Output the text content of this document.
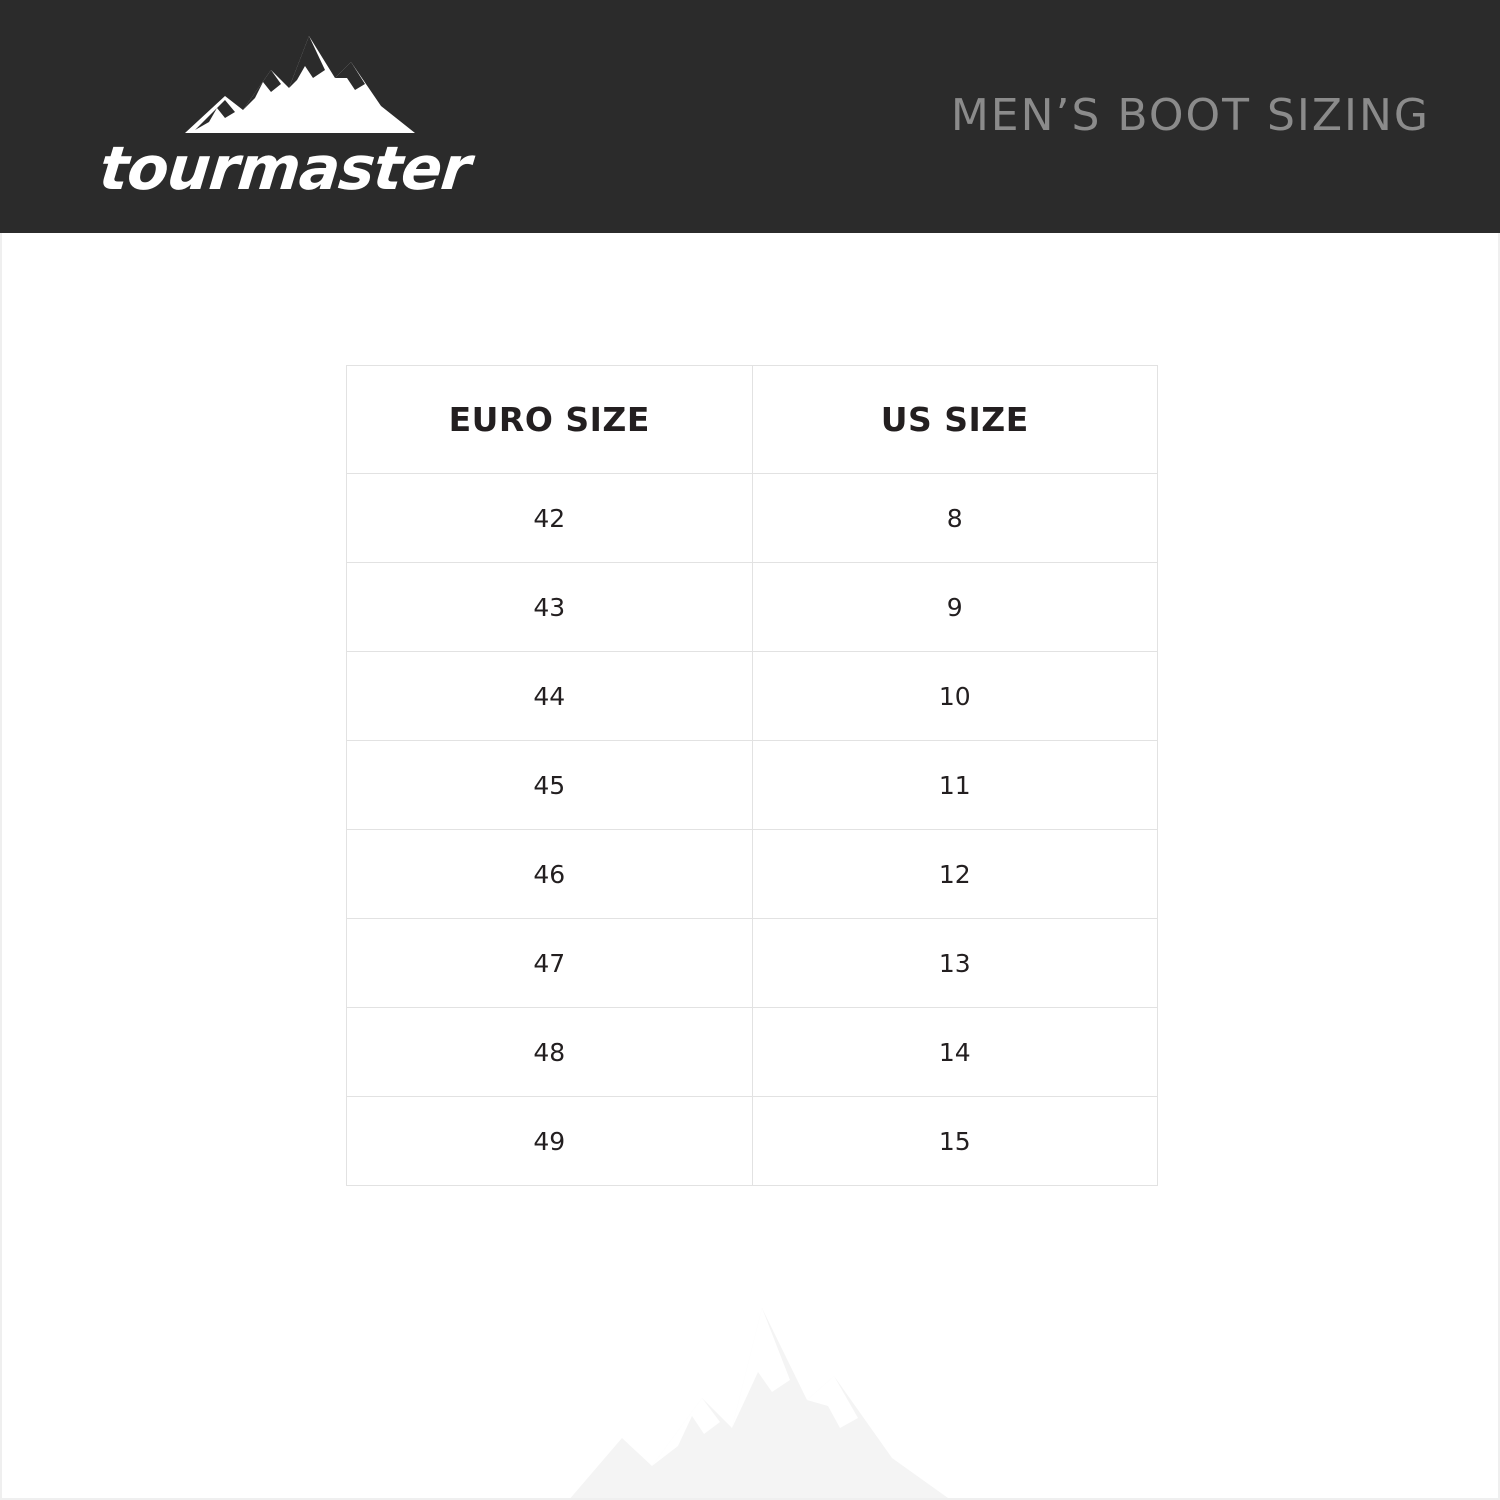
tourmaster
MEN’S BOOT SIZING
EURO SIZE	US SIZE
42	8
43	9
44	10
45	11
46	12
47	13
48	14
49	15
